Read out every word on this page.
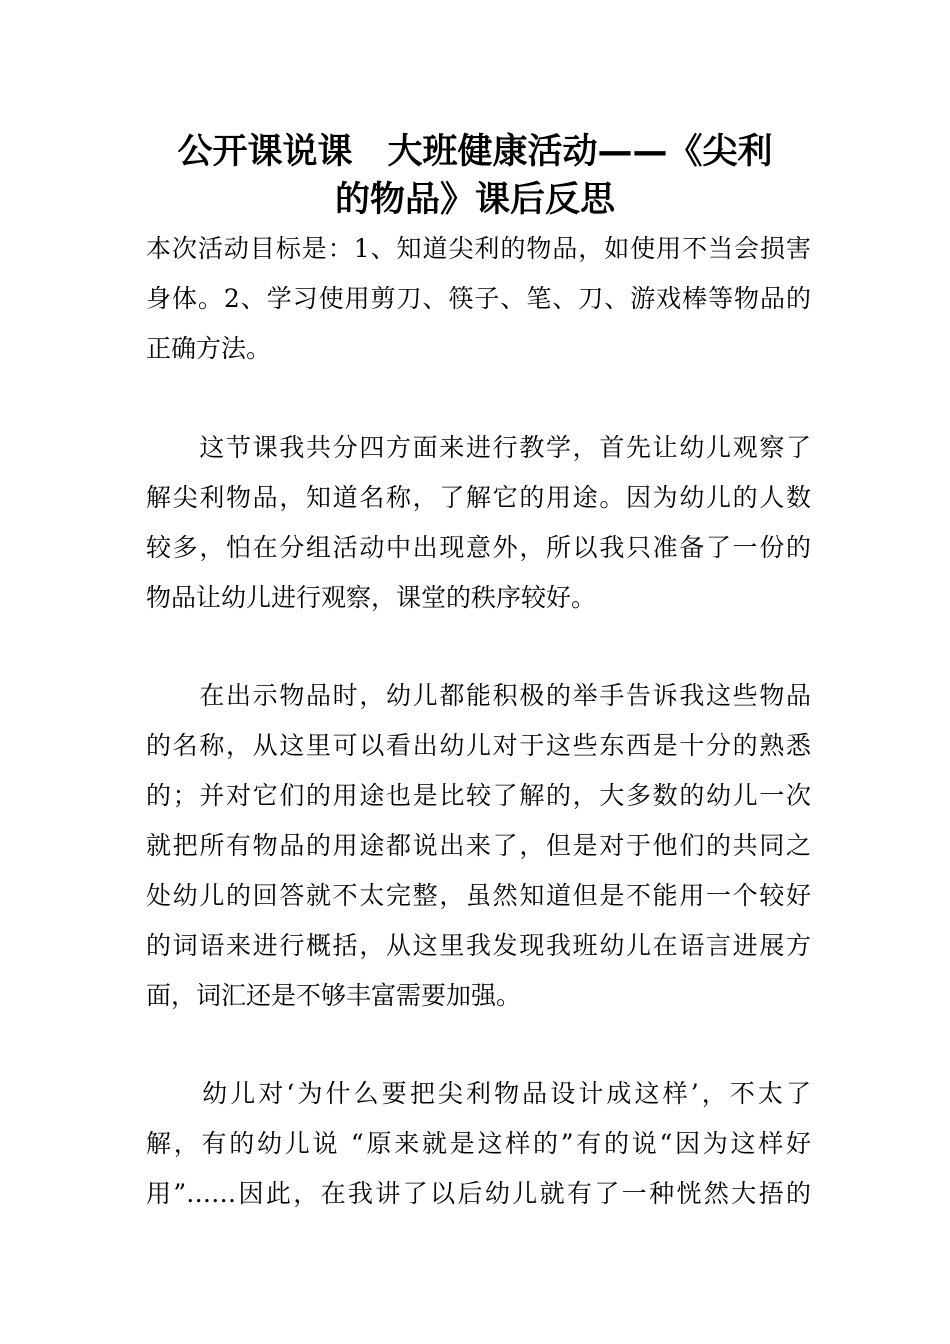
公开课说课　大班健康活动——《尖利
的物品》课后反思
本次活动目标是：1、知道尖利的物品，如使用不当会损害
身体。2、学习使用剪刀、筷子、笔、刀、游戏棒等物品的
正确方法。
　　这节课我共分四方面来进行教学，首先让幼儿观察了
解尖利物品，知道名称，了解它的用途。因为幼儿的人数
较多，怕在分组活动中出现意外，所以我只准备了一份的
物品让幼儿进行观察，课堂的秩序较好。
　　在出示物品时，幼儿都能积极的举手告诉我这些物品
的名称，从这里可以看出幼儿对于这些东西是十分的熟悉
的；并对它们的用途也是比较了解的，大多数的幼儿一次
就把所有物品的用途都说出来了，但是对于他们的共同之
处幼儿的回答就不太完整，虽然知道但是不能用一个较好
的词语来进行概括，从这里我发现我班幼儿在语言进展方
面，词汇还是不够丰富需要加强。
　　幼儿对‘为什么要把尖利物品设计成这样’，不太了
解，有的幼儿说 “原来就是这样的”有的说“因为这样好
用”……因此，在我讲了以后幼儿就有了一种恍然大捂的
